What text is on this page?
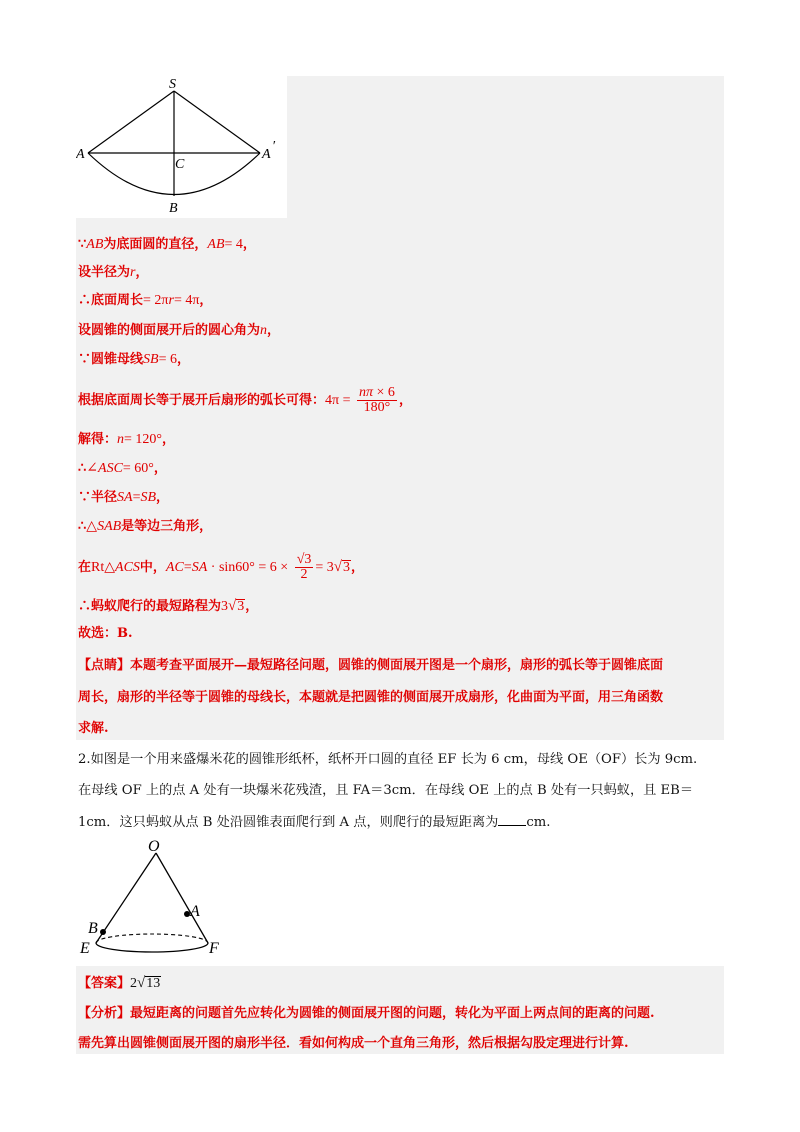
S
A	A
′
C
B
∵AB为底面圆的直径，AB= 4，
设半径为r，
∴底面周长= 2πr= 4π，
设圆锥的侧面展开后的圆心角为n，
∵圆锥母线SB= 6，
根据底面周长等于展开后扇形的弧长可得：$4\pi = \frac{n\pi \times 6}{180^\circ}$ ，
解得：n= 120°，
∴∠ASC= 60°，
∵半径SA=SB，
∴△SAB是等边三角形，
在Rt△ACS中，$AC=SA \cdot \sin 60^\circ = 6 \times \frac{√3}{2} = 3√3$，
∴蚂蚁爬行的最短路程为3√3，
故选：B.
【点睛】本题考查平面展开—最短路径问题，圆锥的侧面展开图是一个扇形，扇形的弧长等于圆锥底面
周长，扇形的半径等于圆锥的母线长，本题就是把圆锥的侧面展开成扇形，化曲面为平面，用三角函数
求解.
2.如图是一个用来盛爆米花的圆锥形纸杯，纸杯开口圆的直径 EF 长为 6 cm，母线 OE（OF）长为 9cm.
在母线 OF 上的点 A 处有一块爆米花残渣，且 FA＝3cm．在母线 OE 上的点 B 处有一只蚂蚁，且 EB＝
1cm．这只蚂蚁从点 B 处沿圆锥表面爬行到 A 点，则爬行的最短距离为 cm.
O
A
B
E	F
【答案】2√13
【分析】最短距离的问题首先应转化为圆锥的侧面展开图的问题，转化为平面上两点间的距离的问题.
需先算出圆锥侧面展开图的扇形半径．看如何构成一个直角三角形，然后根据勾股定理进行计算.
